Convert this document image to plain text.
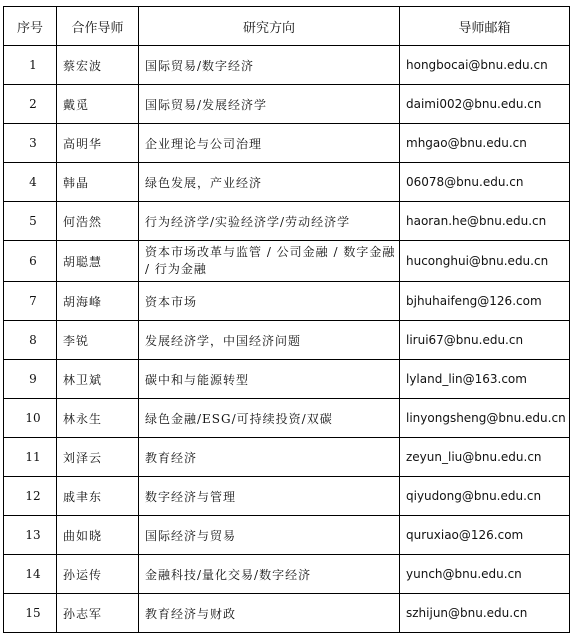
序号	合作导师	研究方向	导师邮箱
1	蔡宏波	国际贸易/数字经济	hongbocai@bnu.edu.cn
2	戴觅	国际贸易/发展经济学	daimi002@bnu.edu.cn
3	高明华	企业理论与公司治理	mhgao@bnu.edu.cn
4	韩晶	绿色发展，产业经济	06078@bnu.edu.cn
5	何浩然	行为经济学/实验经济学/劳动经济学	haoran.he@bnu.edu.cn
6	胡聪慧	资本市场改革与监管 / 公司金融 / 数字金融 / 行为金融	huconghui@bnu.edu.cn
7	胡海峰	资本市场	bjhuhaifeng@126.com
8	李锐	发展经济学，中国经济问题	lirui67@bnu.edu.cn
9	林卫斌	碳中和与能源转型	lyland_lin@163.com
10	林永生	绿色金融/ESG/可持续投资/双碳	linyongsheng@bnu.edu.cn
11	刘泽云	教育经济	zeyun_liu@bnu.edu.cn
12	戚聿东	数字经济与管理	qiyudong@bnu.edu.cn
13	曲如晓	国际经济与贸易	quruxiao@126.com
14	孙运传	金融科技/量化交易/数字经济	yunch@bnu.edu.cn
15	孙志军	教育经济与财政	szhijun@bnu.edu.cn
